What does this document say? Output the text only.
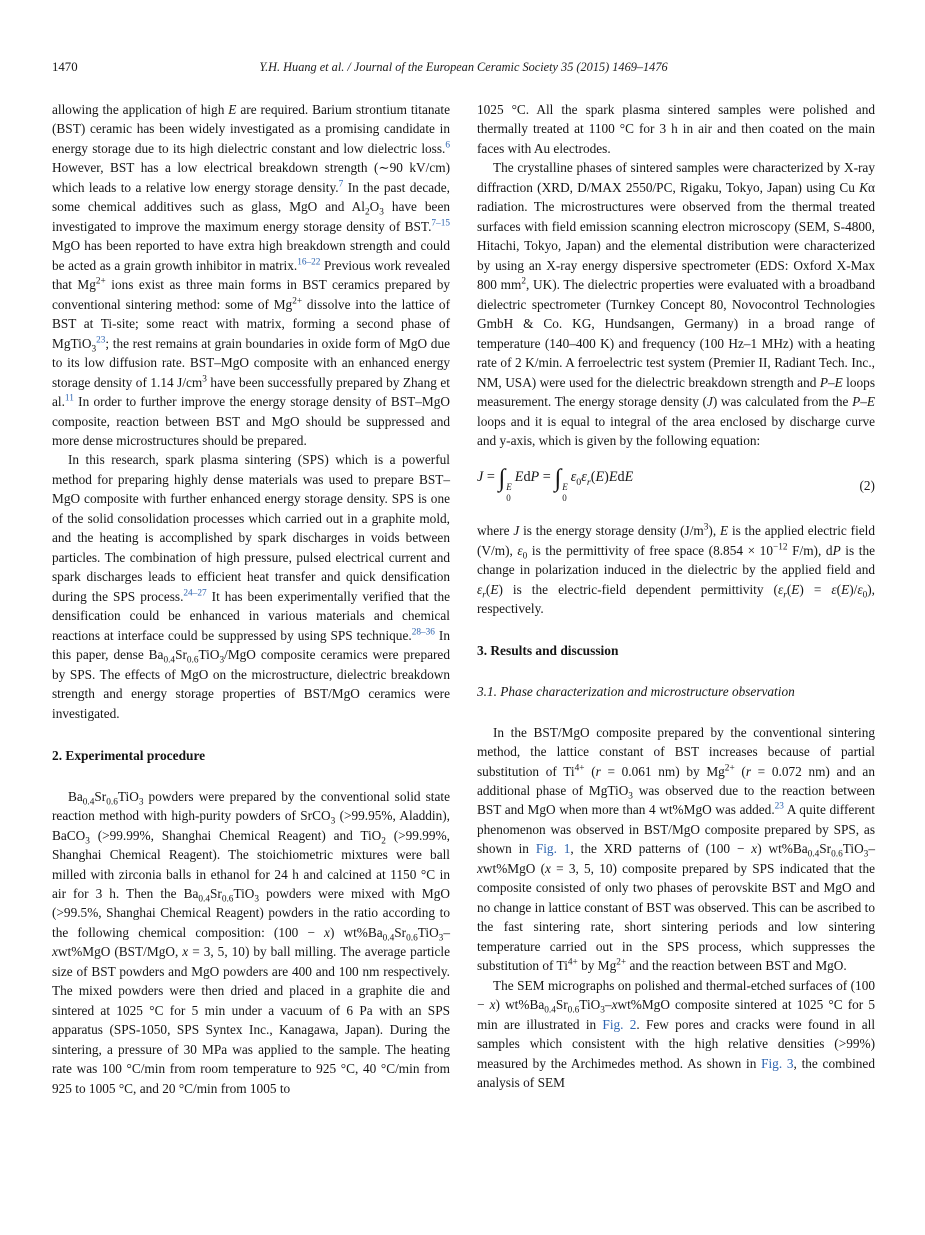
1470	Y.H. Huang et al. / Journal of the European Ceramic Society 35 (2015) 1469–1476

allowing the application of high E are required. Barium strontium titanate (BST) ceramic has been widely investigated as a promising candidate in energy storage due to its high dielectric constant and low dielectric loss.$^6$ However, BST has a low electrical breakdown strength (∼90 kV/cm) which leads to a relative low energy storage density.$^7$ In the past decade, some chemical additives such as glass, MgO and $Al_2O_3$ have been investigated to improve the maximum energy storage density of BST.$^{7-15}$ MgO has been reported to have extra high breakdown strength and could be acted as a grain growth inhibitor in matrix.$^{16-22}$ Previous work revealed that $Mg^{2+}$ ions exist as three main forms in BST ceramics prepared by conventional sintering method: some of $Mg^{2+}$ dissolve into the lattice of BST at Ti-site; some react with matrix, forming a second phase of MgTiO$_3^{23}$; the rest remains at grain boundaries in oxide form of MgO due to its low diffusion rate. BST–MgO composite with an enhanced energy storage density of 1.14 $J/cm^3$ have been successfully prepared by Zhang et al.$^{11}$ In order to further improve the energy storage density of BST–MgO composite, reaction between BST and MgO should be suppressed and more dense microstructures should be prepared.

In this research, spark plasma sintering (SPS) which is a powerful method for preparing highly dense materials was used to prepare BST–MgO composite with further enhanced energy storage density. SPS is one of the solid consolidation processes which carried out in a graphite mold, and the heating is accomplished by spark discharges in voids between particles. The combination of high pressure, pulsed electrical current and spark discharges leads to efficient heat transfer and quick densification during the SPS process.$^{24-27}$ It has been experimentally verified that the densification could be enhanced in various materials and chemical reactions at interface could be suppressed by using SPS technique.$^{28-36}$ In this paper, dense $Ba_{0.4}Sr_{0.6}TiO_3$/MgO composite ceramics were prepared by SPS. The effects of MgO on the microstructure, dielectric breakdown strength and energy storage properties of BST/MgO ceramics were investigated.

2. Experimental procedure

$Ba_{0.4}Sr_{0.6}TiO_3$ powders were prepared by the conventional solid state reaction method with high-purity powders of SrCO$_3$ (>99.95%, Aladdin), BaCO$_3$ (>99.99%, Shanghai Chemical Reagent) and TiO$_2$ (>99.99%, Shanghai Chemical Reagent). The stoichiometric mixtures were ball milled with zirconia balls in ethanol for 24 h and calcined at 1150 °C in air for 3 h. Then the $Ba_{0.4}Sr_{0.6}TiO_3$ powders were mixed with MgO (>99.5%, Shanghai Chemical Reagent) powders in the ratio according to the following chemical composition: (100 − x) $wt\%Ba_{0.4}Sr_{0.6}TiO_3-xwt\%MgO$ (BST/MgO, x = 3, 5, 10) by ball milling. The average particle size of BST powders and MgO powders are 400 and 100 nm respectively. The mixed powders were then dried and placed in a graphite die and sintered at 1025 °C for 5 min under a vacuum of 6 Pa with an SPS apparatus (SPS-1050, SPS Syntex Inc., Kanagawa, Japan). During the sintering, a pressure of 30 MPa was applied to the sample. The heating rate was 100 °C/min from room temperature to 925 °C, 40 °C/min from 925 to 1005 °C, and 20 °C/min from 1005 to

1025 °C. All the spark plasma sintered samples were polished and thermally treated at 1100 °C for 3 h in air and then coated on the main faces with Au electrodes.

The crystalline phases of sintered samples were characterized by X-ray diffraction (XRD, D/MAX 2550/PC, Rigaku, Tokyo, Japan) using Cu Kα radiation. The microstructures were observed from the thermal treated surfaces with field emission scanning electron microscopy (SEM, S-4800, Hitachi, Tokyo, Japan) and the elemental distribution were characterized by using an X-ray energy dispersive spectrometer (EDS: Oxford X-Max 800 $mm^2$, UK). The dielectric properties were evaluated with a broadband dielectric spectrometer (Turnkey Concept 80, Novocontrol Technologies GmbH & Co. KG, Hundsangen, Germany) in a broad range of temperature (140–400 K) and frequency (100 Hz–1 MHz) with a heating rate of 2 K/min. A ferroelectric test system (Premier II, Radiant Tech. Inc., NM, USA) were used for the dielectric breakdown strength and P–E loops measurement. The energy storage density (J) was calculated from the P–E loops and it is equal to integral of the area enclosed by discharge curve and y-axis, which is given by the following equation:

J = ∫ E
0
EdP = ∫ E
0
$\varepsilon_0\varepsilon_r(E)EdE$	(2)

where J is the energy storage density $(J/m^3)$, E is the applied electric field (V/m), $\varepsilon_0$ is the permittivity of free space ($8.854 \times 10^{-12}$ F/m), dP is the change in polarization induced in the dielectric by the applied field and $\varepsilon_r(E)$ is the electric-field dependent permittivity $(\varepsilon_r(E) = \varepsilon(E)/\varepsilon_0)$, respectively.

3. Results and discussion
3.1. Phase characterization and microstructure observation

In the BST/MgO composite prepared by the conventional sintering method, the lattice constant of BST increases because of partial substitution of $Ti^{4+}$ (r = 0.061 nm) by $Mg^{2+}$ (r = 0.072 nm) and an additional phase of MgTiO$_3$ was observed due to the reaction between BST and MgO when more than 4 wt%MgO was added.$^{23}$ A quite different phenomenon was observed in BST/MgO composite prepared by SPS, as shown in Fig. 1, the XRD patterns of (100 − x) $wt\%Ba_{0.4}Sr_{0.6}TiO_3-xwt\%MgO$ (x = 3, 5, 10) composite prepared by SPS indicated that the composite consisted of only two phases of perovskite BST and MgO and no change in lattice constant of BST was observed. This can be ascribed to the fast sintering rate, short sintering periods and low sintering temperature carried out in the SPS process, which suppresses the substitution of $Ti^{4+}$ by $Mg^{2+}$ and the reaction between BST and MgO.

The SEM micrographs on polished and thermal-etched surfaces of (100 − x) $wt\%Ba_{0.4}Sr_{0.6}TiO_3-xwt\%MgO$ composite sintered at 1025 °C for 5 min are illustrated in Fig. 2. Few pores and cracks were found in all samples which consistent with the high relative densities (>99%) measured by the Archimedes method. As shown in Fig. 3, the combined analysis of SEM
